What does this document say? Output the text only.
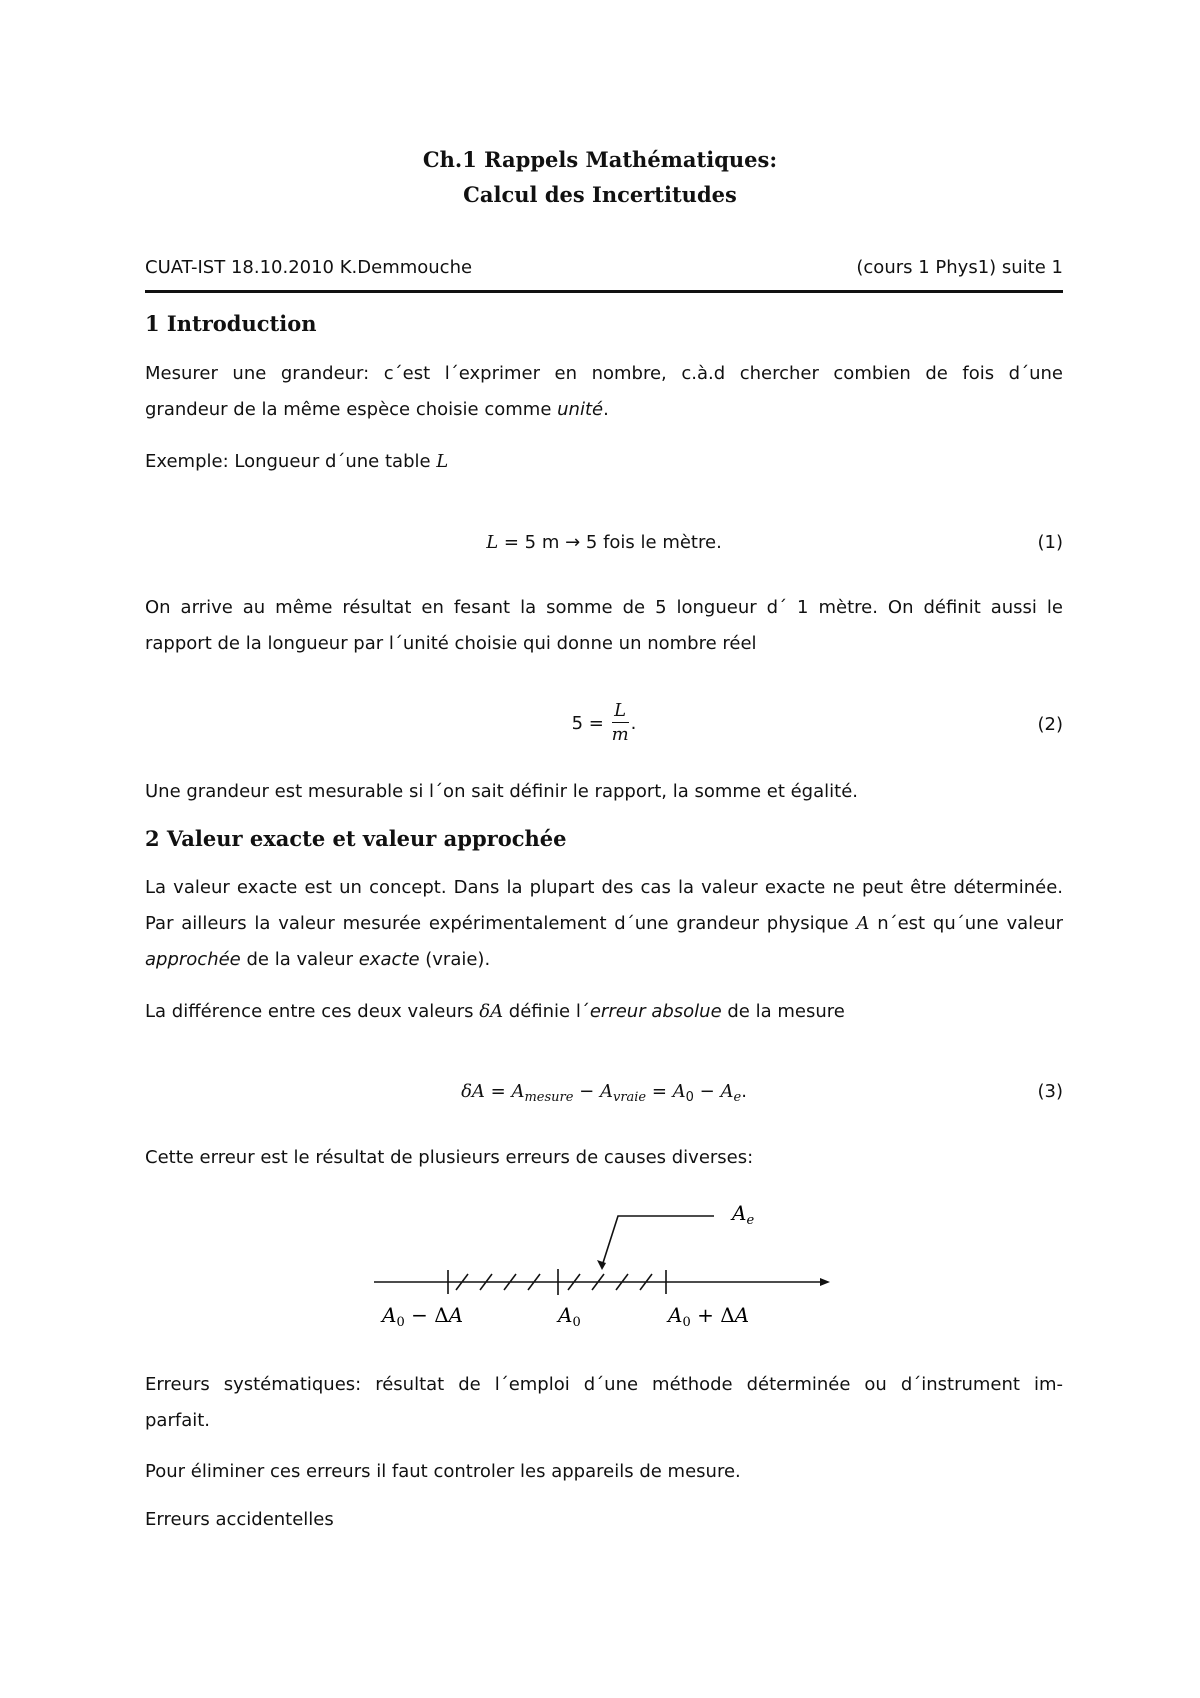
Ch.1 Rappels Mathématiques:
Calcul des Incertitudes
CUAT-IST 18.10.2010 K.Demmouche	(cours 1 Phys1) suite 1
1 Introduction
Mesurer une grandeur: c´est l´exprimer en nombre, c.à.d chercher combien de fois d´une
grandeur de la même espèce choisie comme unité.
Exemple: Longueur d´une table L
L = 5 m → 5 fois le mètre.	(1)
On arrive au même résultat en fesant la somme de 5 longueur d´ 1 mètre. On définit aussi le
rapport de la longueur par l´unité choisie qui donne un nombre réel
$5 = \frac{L}{m}$ .	(2)
Une grandeur est mesurable si l´on sait définir le rapport, la somme et égalité.
2 Valeur exacte et valeur approchée
La valeur exacte est un concept. Dans la plupart des cas la valeur exacte ne peut être déterminée.
Par ailleurs la valeur mesurée expérimentalement d´une grandeur physique A n´est qu´une valeur
approchée de la valeur exacte (vraie).
La différence entre ces deux valeurs δA définie l´erreur absolue de la mesure
$\delta A = A_{mesure} - A_{vraie} = A_0 - A_e$.	(3)
Cette erreur est le résultat de plusieurs erreurs de causes diverses:
$A_e$
$A_0 - \Delta A$	$A_0$	$A_0 + \Delta A$
Erreurs systématiques: résultat de l´emploi d´une méthode déterminée ou d´instrument im-
parfait.
Pour éliminer ces erreurs il faut controler les appareils de mesure.
Erreurs accidentelles
